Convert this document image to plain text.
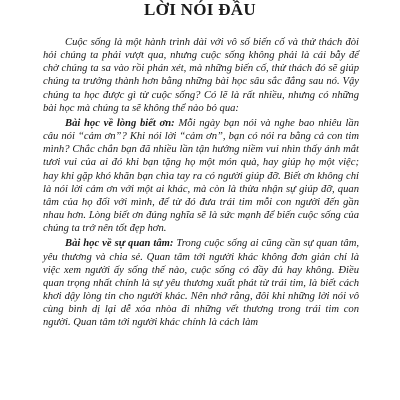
LỜI NÓI ĐẦU

Cuộc sống là một hành trình dài với vô số biến cố và thử thách đòi hỏi chúng ta phải vượt qua, nhưng cuộc sống không phải là cái bẫy để chờ chúng ta sa vào rồi phán xét, mà những biến cố, thử thách đó sẽ giúp chúng ta trưởng thành hơn bằng những bài học sâu sắc đắng sau nó. Vậy chúng ta học được gì từ cuộc sống? Có lẽ là rất nhiều, nhưng có những bài học mà chúng ta sẽ không thể nào bỏ qua:

Bài học về lòng biết ơn: Mỗi ngày bạn nói và nghe bao nhiêu lần câu nói “cảm ơn”? Khi nói lời “cảm ơn”, bạn có nói ra bằng cả con tim mình? Chắc chắn bạn đã nhiều lần tận hưởng niềm vui nhìn thấy ánh mắt tươi vui của ai đó khi bạn tặng họ một món quà, hay giúp họ một việc; hay khi gặp khó khăn bạn chìa tay ra có người giúp đỡ. Biết ơn không chỉ là nói lời cảm ơn với một ai khác, mà còn là thừa nhận sự giúp đỡ, quan tâm của họ đối với mình, để từ đó đưa trái tim mỗi con người đến gần nhau hơn. Lòng biết ơn đúng nghĩa sẽ là sức mạnh để biến cuộc sống của chúng ta trở nên tốt đẹp hơn.

Bài học về sự quan tâm: Trong cuộc sống ai cũng cần sự quan tâm, yêu thương và chia sẻ. Quan tâm tới người khác không đơn giản chỉ là việc xem người ấy sống thế nào, cuộc sống có đầy đủ hay không. Điều quan trọng nhất chính là sự yêu thương xuất phát từ trái tim, là biết cách khơi dậy lòng tin cho người khác. Nên nhớ rằng, đôi khi những lời nói vô cùng bình dị lại dễ xóa nhòa đi những vết thương trong trái tim con người. Quan tâm tới người khác chính là cách làm
